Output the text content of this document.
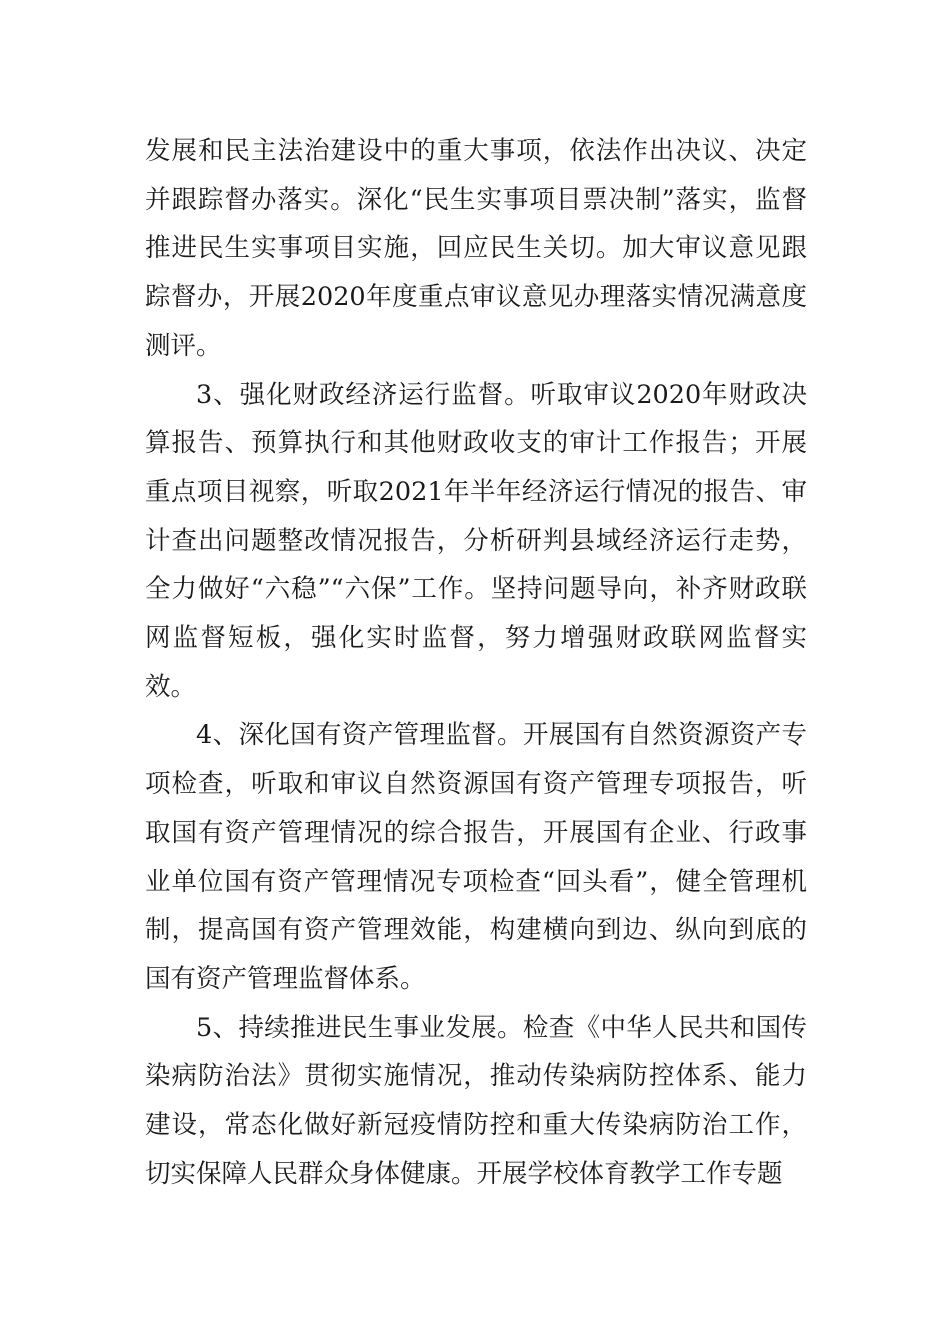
发展和民主法治建设中的重大事项，依法作出决议、决定并跟踪督办落实。深化“民生实事项目票决制”落实，监督推进民生实事项目实施，回应民生关切。加大审议意见跟踪督办，开展2020年度重点审议意见办理落实情况满意度测评。

3、强化财政经济运行监督。听取审议2020年财政决算报告、预算执行和其他财政收支的审计工作报告；开展重点项目视察，听取2021年半年经济运行情况的报告、审计查出问题整改情况报告，分析研判县域经济运行走势，全力做好“六稳”“六保”工作。坚持问题导向，补齐财政联网监督短板，强化实时监督，努力增强财政联网监督实效。

4、深化国有资产管理监督。开展国有自然资源资产专项检查，听取和审议自然资源国有资产管理专项报告，听取国有资产管理情况的综合报告，开展国有企业、行政事业单位国有资产管理情况专项检查“回头看”，健全管理机制，提高国有资产管理效能，构建横向到边、纵向到底的国有资产管理监督体系。

5、持续推进民生事业发展。检查《中华人民共和国传染病防治法》贯彻实施情况，推动传染病防控体系、能力建设，常态化做好新冠疫情防控和重大传染病防治工作，切实保障人民群众身体健康。开展学校体育教学工作专题
